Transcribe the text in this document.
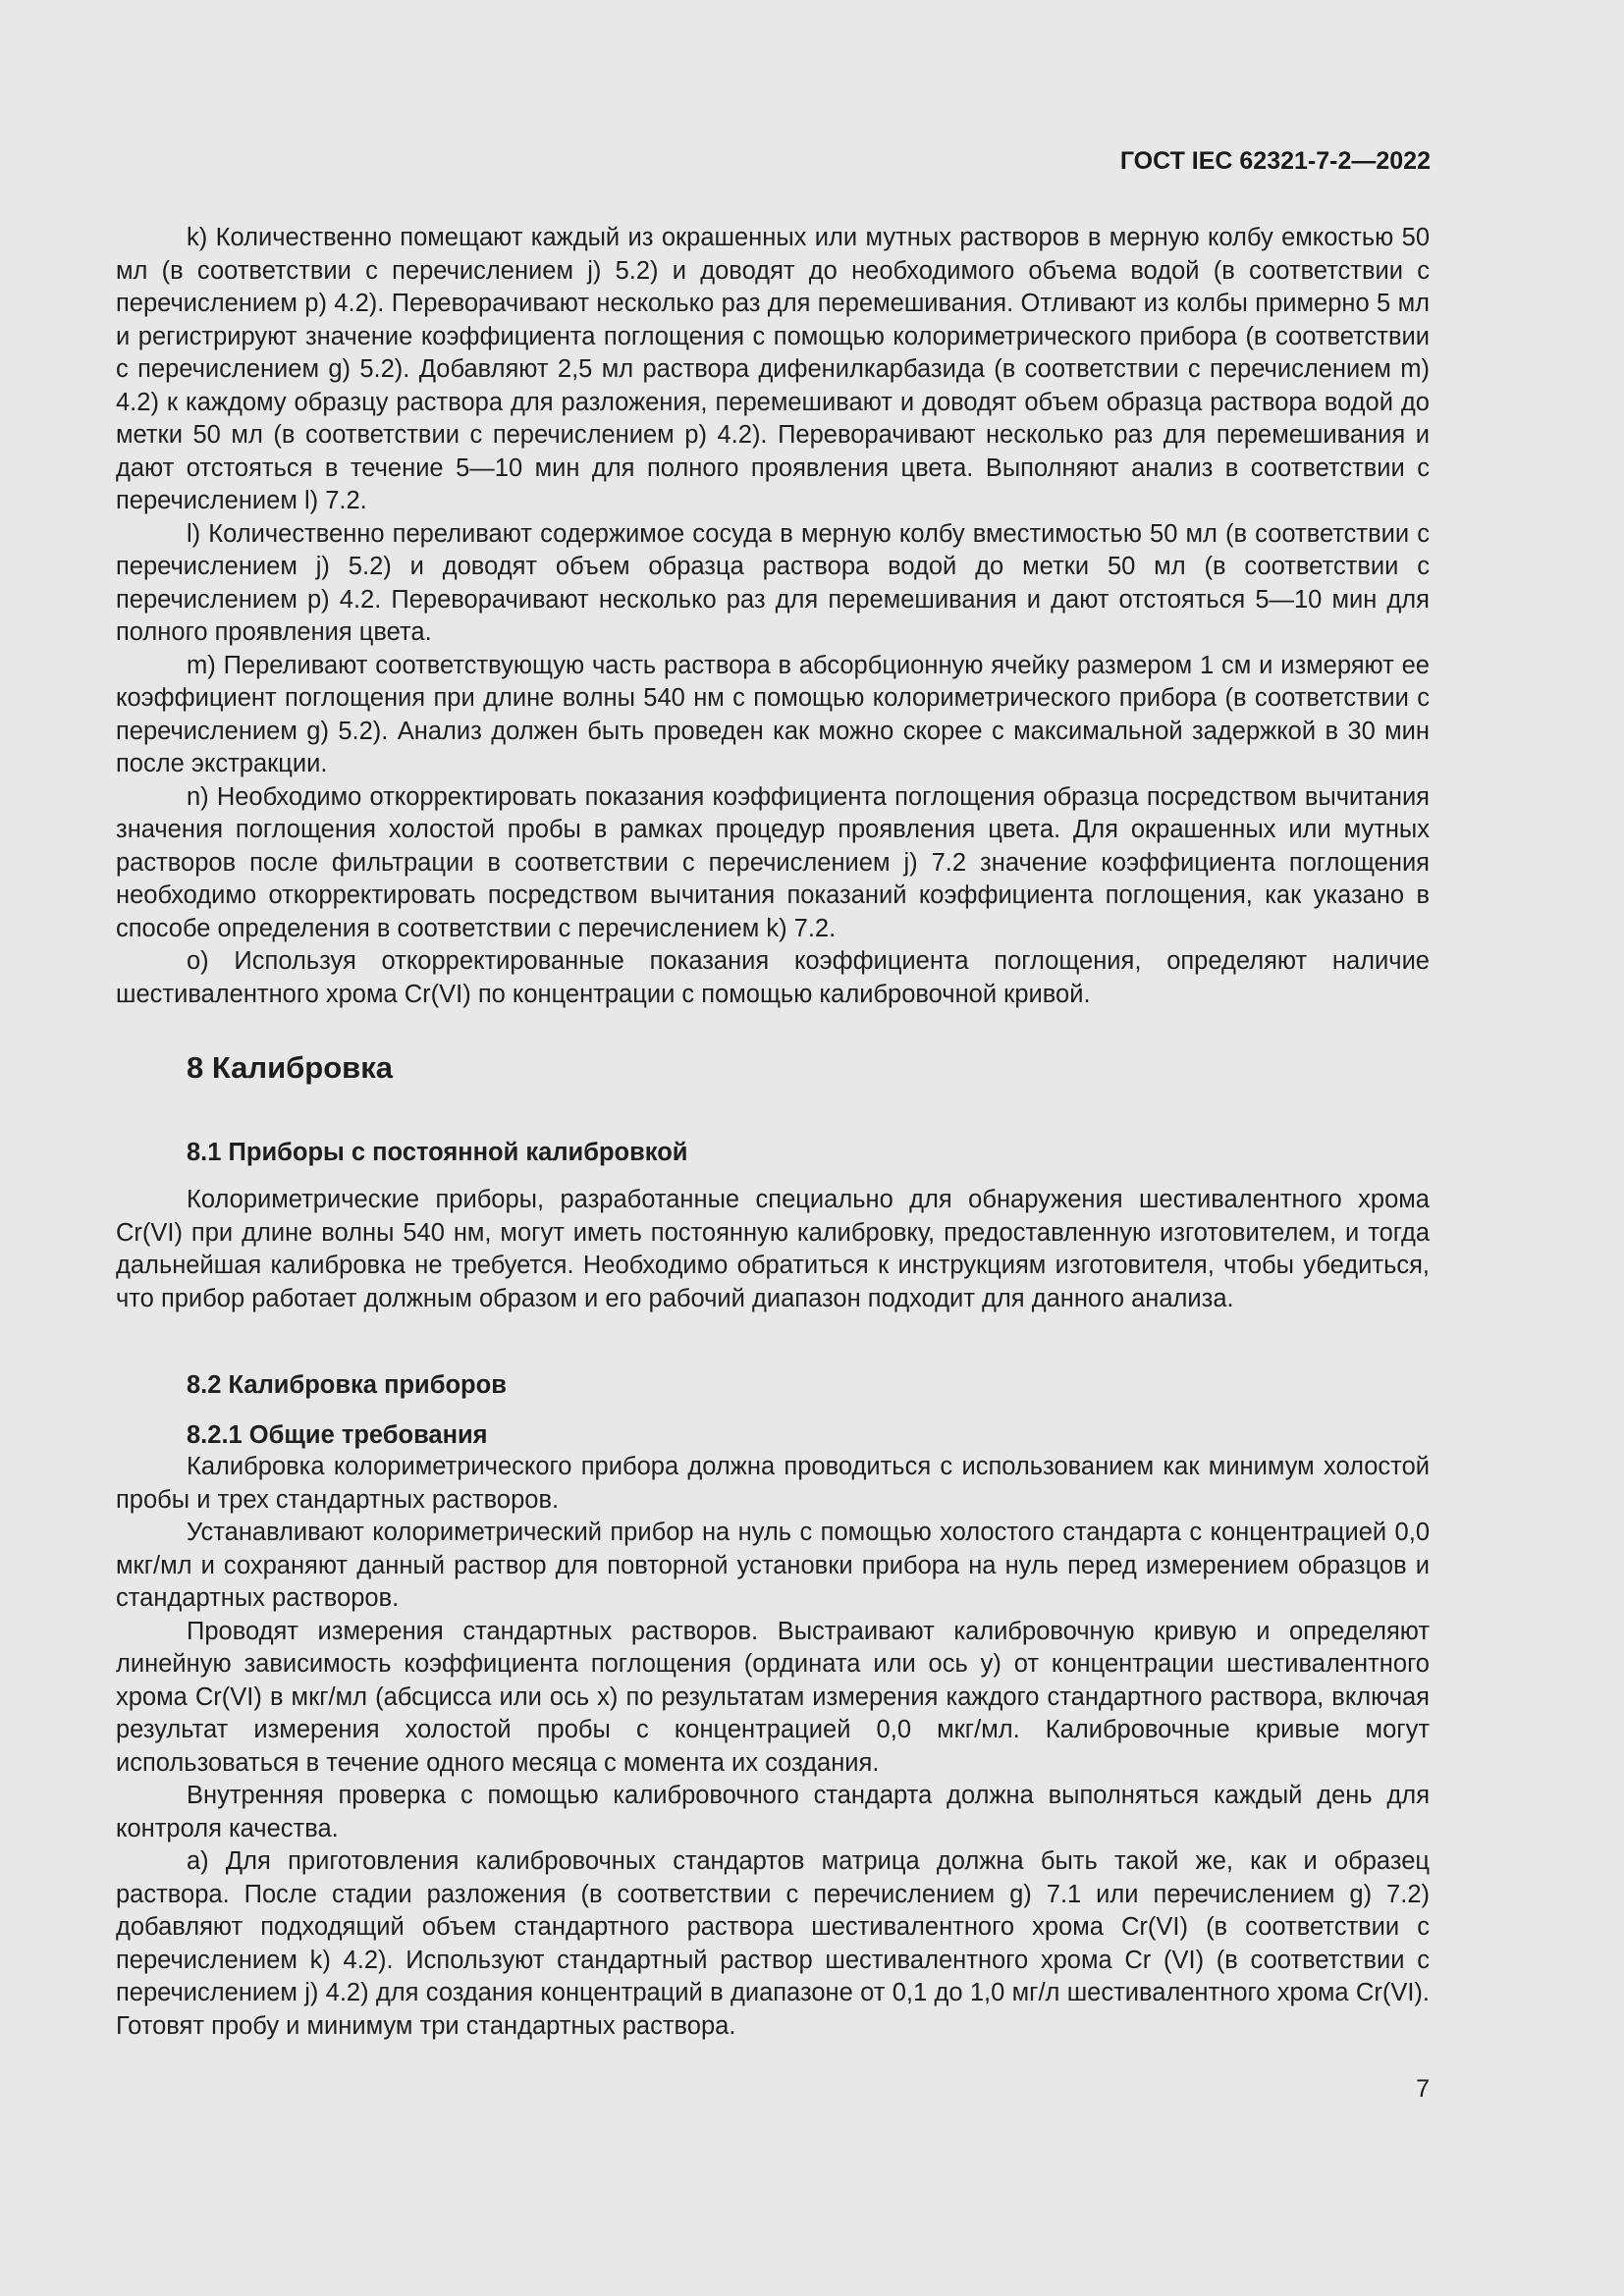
ГОСТ IEC 62321-7-2—2022

k) Количественно помещают каждый из окрашенных или мутных растворов в мерную колбу емкостью 50 мл (в соответствии с перечислением j) 5.2) и доводят до необходимого объема водой (в соответствии с перечислением p) 4.2). Переворачивают несколько раз для перемешивания. Отливают из колбы примерно 5 мл и регистрируют значение коэффициента поглощения с помощью колориметрического прибора (в соответствии с перечислением g) 5.2). Добавляют 2,5 мл раствора дифенилкарбазида (в соответствии с перечислением m) 4.2) к каждому образцу раствора для разложения, перемешивают и доводят объем образца раствора водой до метки 50 мл (в соответствии с перечислением p) 4.2). Переворачивают несколько раз для перемешивания и дают отстояться в течение 5—10 мин для полного проявления цвета. Выполняют анализ в соответствии с перечислением l) 7.2.

l) Количественно переливают содержимое сосуда в мерную колбу вместимостью 50 мл (в соответствии с перечислением j) 5.2) и доводят объем образца раствора водой до метки 50 мл (в соответствии с перечислением p) 4.2. Переворачивают несколько раз для перемешивания и дают отстояться 5—10 мин для полного проявления цвета.

m) Переливают соответствующую часть раствора в абсорбционную ячейку размером 1 см и измеряют ее коэффициент поглощения при длине волны 540 нм с помощью колориметрического прибора (в соответствии с перечислением g) 5.2). Анализ должен быть проведен как можно скорее с максимальной задержкой в 30 мин после экстракции.

n) Необходимо откорректировать показания коэффициента поглощения образца посредством вычитания значения поглощения холостой пробы в рамках процедур проявления цвета. Для окрашенных или мутных растворов после фильтрации в соответствии с перечислением j) 7.2 значение коэффициента поглощения необходимо откорректировать посредством вычитания показаний коэффициента поглощения, как указано в способе определения в соответствии с перечислением k) 7.2.

o) Используя откорректированные показания коэффициента поглощения, определяют наличие шестивалентного хрома Cr(VI) по концентрации с помощью калибровочной кривой.

8 Калибровка
8.1 Приборы с постоянной калибровкой

Колориметрические приборы, разработанные специально для обнаружения шестивалентного хрома Cr(VI) при длине волны 540 нм, могут иметь постоянную калибровку, предоставленную изготовителем, и тогда дальнейшая калибровка не требуется. Необходимо обратиться к инструкциям изготовителя, чтобы убедиться, что прибор работает должным образом и его рабочий диапазон подходит для данного анализа.

8.2 Калибровка приборов
8.2.1 Общие требования

Калибровка колориметрического прибора должна проводиться с использованием как минимум холостой пробы и трех стандартных растворов.

Устанавливают колориметрический прибор на нуль с помощью холостого стандарта с концентрацией 0,0 мкг/мл и сохраняют данный раствор для повторной установки прибора на нуль перед измерением образцов и стандартных растворов.

Проводят измерения стандартных растворов. Выстраивают калибровочную кривую и определяют линейную зависимость коэффициента поглощения (ордината или ось y) от концентрации шестивалентного хрома Cr(VI) в мкг/мл (абсцисса или ось x) по результатам измерения каждого стандартного раствора, включая результат измерения холостой пробы с концентрацией 0,0 мкг/мл. Калибровочные кривые могут использоваться в течение одного месяца с момента их создания.

Внутренняя проверка с помощью калибровочного стандарта должна выполняться каждый день для контроля качества.

a) Для приготовления калибровочных стандартов матрица должна быть такой же, как и образец раствора. После стадии разложения (в соответствии с перечислением g) 7.1 или перечислением g) 7.2) добавляют подходящий объем стандартного раствора шестивалентного хрома Cr(VI) (в соответствии с перечислением k) 4.2). Используют стандартный раствор шестивалентного хрома Cr (VI) (в соответствии с перечислением j) 4.2) для создания концентраций в диапазоне от 0,1 до 1,0 мг/л шестивалентного хрома Cr(VI). Готовят пробу и минимум три стандартных раствора.

7
